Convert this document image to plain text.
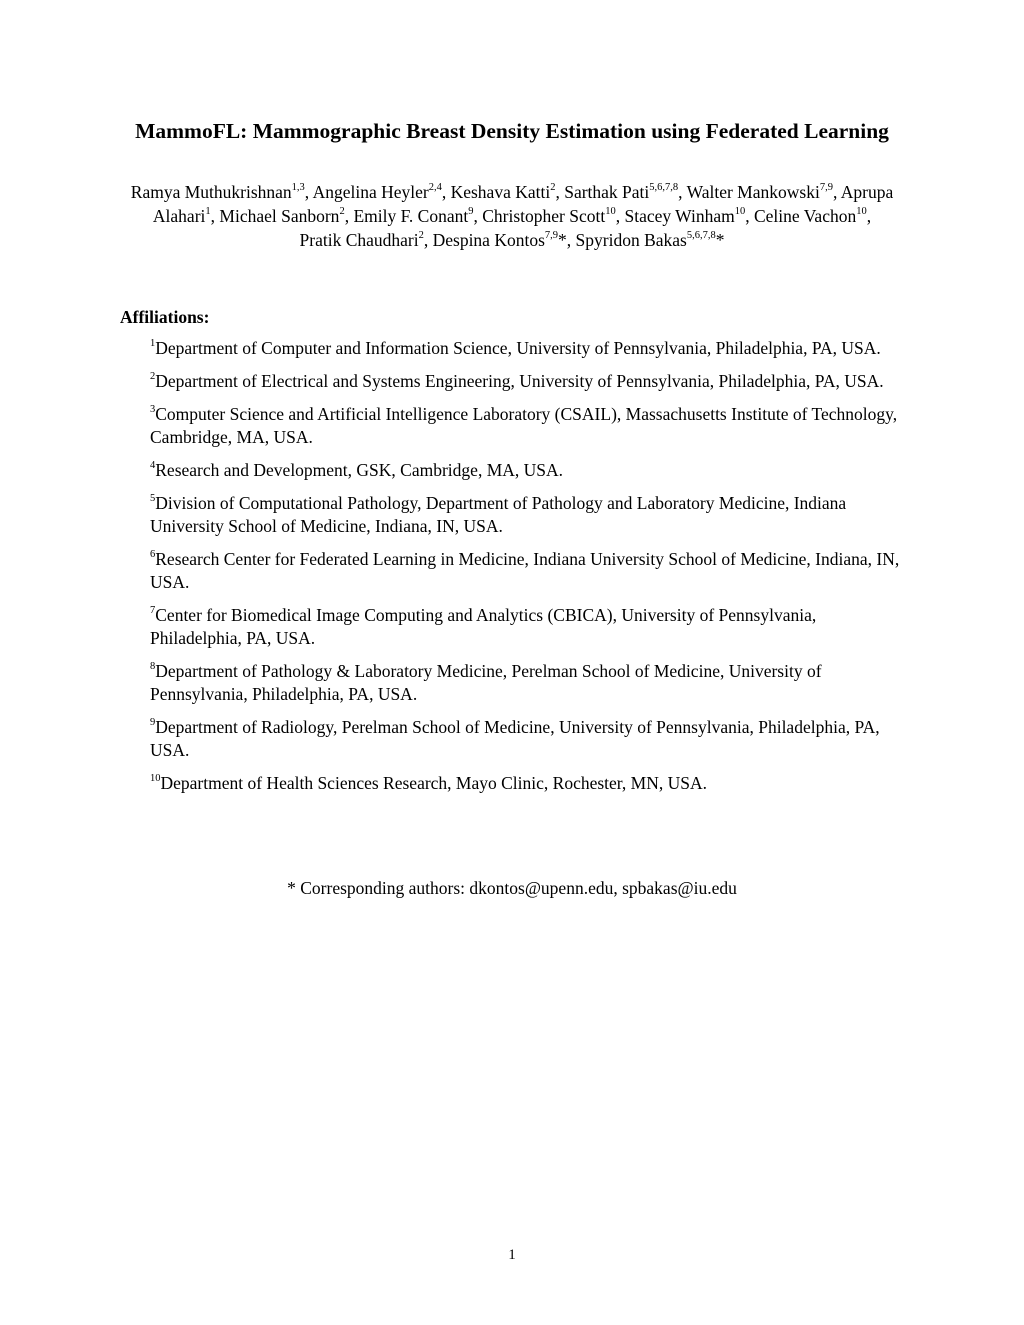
MammoFL: Mammographic Breast Density Estimation using Federated Learning

Ramya Muthukrishnan$^{1,3}$, Angelina Heyler$^{2,4}$, Keshava Katti$^2$, Sarthak Pati$^{5,6,7,8}$, Walter Mankowski$^{7,9}$, Aprupa Alahari$^1$, Michael Sanborn$^2$, Emily F. Conant$^9$, Christopher Scott$^{10}$, Stacey Winham$^{10}$, Celine Vachon$^{10}$, Pratik Chaudhari$^2$, Despina Kontos$^{7,9}$*, Spyridon Bakas$^{5,6,7,8}$*

Affiliations:
$^1$Department of Computer and Information Science, University of Pennsylvania, Philadelphia, PA, USA.
$^2$Department of Electrical and Systems Engineering, University of Pennsylvania, Philadelphia, PA, USA.
$^3$Computer Science and Artificial Intelligence Laboratory (CSAIL), Massachusetts Institute of Technology, Cambridge, MA, USA.
$^4$Research and Development, GSK, Cambridge, MA, USA.
$^5$Division of Computational Pathology, Department of Pathology and Laboratory Medicine, Indiana University School of Medicine, Indiana, IN, USA.
$^6$Research Center for Federated Learning in Medicine, Indiana University School of Medicine, Indiana, IN, USA.
$^7$Center for Biomedical Image Computing and Analytics (CBICA), University of Pennsylvania, Philadelphia, PA, USA.
$^8$Department of Pathology & Laboratory Medicine, Perelman School of Medicine, University of Pennsylvania, Philadelphia, PA, USA.
$^9$Department of Radiology, Perelman School of Medicine, University of Pennsylvania, Philadelphia, PA, USA.
$^{10}$Department of Health Sciences Research, Mayo Clinic, Rochester, MN, USA.

* Corresponding authors: dkontos@upenn.edu, spbakas@iu.edu

1
